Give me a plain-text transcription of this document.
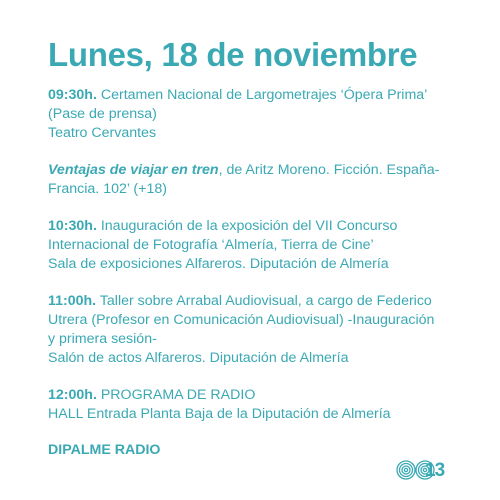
Lunes, 18 de noviembre
09:30h. Certamen Nacional de Largometrajes ‘Ópera Prima’
(Pase de prensa)
Teatro Cervantes
Ventajas de viajar en tren, de Aritz Moreno. Ficción. España-
Francia. 102’ (+18)
10:30h. Inauguración de la exposición del VII Concurso
Internacional de Fotografía ‘Almería, Tierra de Cine’
Sala de exposiciones Alfareros. Diputación de Almería
11:00h. Taller sobre Arrabal Audiovisual, a cargo de Federico
Utrera (Profesor en Comunicación Audiovisual) -Inauguración
y primera sesión-
Salón de actos Alfareros. Diputación de Almería
12:00h. PROGRAMA DE RADIO
HALL Entrada Planta Baja de la Diputación de Almería
DIPALME RADIO
13
